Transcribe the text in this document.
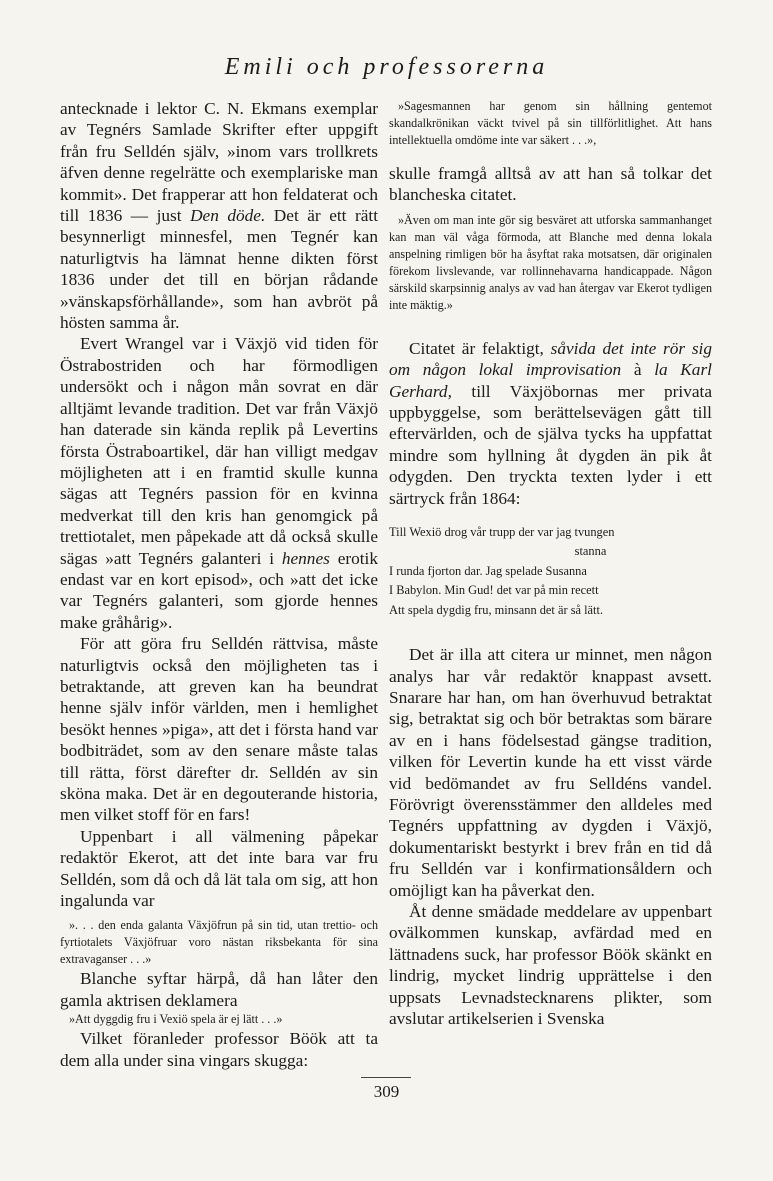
Emili och professorerna

antecknade i lektor C. N. Ekmans exemplar av Tegnérs Samlade Skrifter efter uppgift från fru Selldén själv, »inom vars trollkrets äfven denne regelrätte och exemplariske man kommit». Det frapperar att hon feldaterat och till 1836 — just Den döde. Det är ett rätt besynnerligt minnesfel, men Tegnér kan naturligtvis ha lämnat henne dikten först 1836 under det till en början rådande »vänskapsförhållande», som han avbröt på hösten samma år.

Evert Wrangel var i Växjö vid tiden för Östrabostriden och har förmodligen undersökt och i någon mån sovrat en där alltjämt levande tradition. Det var från Växjö han daterade sin kända replik på Levertins första Östraboartikel, där han villigt medgav möjligheten att i en framtid skulle kunna sägas att Tegnérs passion för en kvinna medverkat till den kris han genomgick på trettiotalet, men påpekade att då också skulle sägas »att Tegnérs galanteri i hennes erotik endast var en kort episod», och »att det icke var Tegnérs galanteri, som gjorde hennes make gråhårig».

För att göra fru Selldén rättvisa, måste naturligtvis också den möjligheten tas i betraktande, att greven kan ha beundrat henne själv inför världen, men i hemlighet besökt hennes »piga», att det i första hand var bodbiträdet, som av den senare måste talas till rätta, först därefter dr. Selldén av sin sköna maka. Det är en degouterande historia, men vilket stoff för en fars!

Uppenbart i all välmening påpekar redaktör Ekerot, att det inte bara var fru Selldén, som då och då lät tala om sig, att hon ingalunda var

». . . den enda galanta Växjöfrun på sin tid, utan trettio- och fyrtiotalets Växjöfruar voro nästan riksbekanta för sina extravaganser . . .»

Blanche syftar härpå, då han låter den gamla aktrisen deklamera

»Att dyggdig fru i Vexiö spela är ej lätt . . .»

Vilket föranleder professor Böök att ta dem alla under sina vingars skugga:

»Sagesmannen har genom sin hållning gentemot skandalkrönikan väckt tvivel på sin tillförlitlighet. Att hans intellektuella omdöme inte var säkert . . .»,

skulle framgå alltså av att han så tolkar det blancheska citatet.

»Även om man inte gör sig besväret att utforska sammanhanget kan man väl våga förmoda, att Blanche med denna lokala anspelning rimligen bör ha åsyftat raka motsatsen, där originalen förekom livslevande, var rollinnehavarna handicappade. Någon särskild skarpsinnig analys av vad han återgav var Ekerot tydligen inte mäktig.»

Citatet är felaktigt, såvida det inte rör sig om någon lokal improvisation à la Karl Gerhard, till Växjöbornas mer privata uppbyggelse, som berättelsevägen gått till eftervärlden, och de själva tycks ha uppfattat mindre som hyllning åt dygden än pik åt odygden. Den tryckta texten lyder i ett särtryck från 1864:

Till Wexiö drog vår trupp der var jag tvungen
stanna
I runda fjorton dar. Jag spelade Susanna
I Babylon. Min Gud! det var på min recett
Att spela dygdig fru, minsann det är så lätt.

Det är illa att citera ur minnet, men någon analys har vår redaktör knappast avsett. Snarare har han, om han överhuvud betraktat sig, betraktat sig och bör betraktas som bärare av en i hans födelsestad gängse tradition, vilken för Levertin kunde ha ett visst värde vid bedömandet av fru Selldéns vandel. Förövrigt överensstämmer den alldeles med Tegnérs uppfattning av dygden i Växjö, dokumentariskt bestyrkt i brev från en tid då fru Selldén var i konfirmationsåldern och omöjligt kan ha påverkat den.

Åt denne smädade meddelare av uppenbart ovälkommen kunskap, avfärdad med en lättnadens suck, har professor Böök skänkt en lindrig, mycket lindrig upprättelse i den uppsats Levnadstecknarens plikter, som avslutar artikelserien i Svenska

309
